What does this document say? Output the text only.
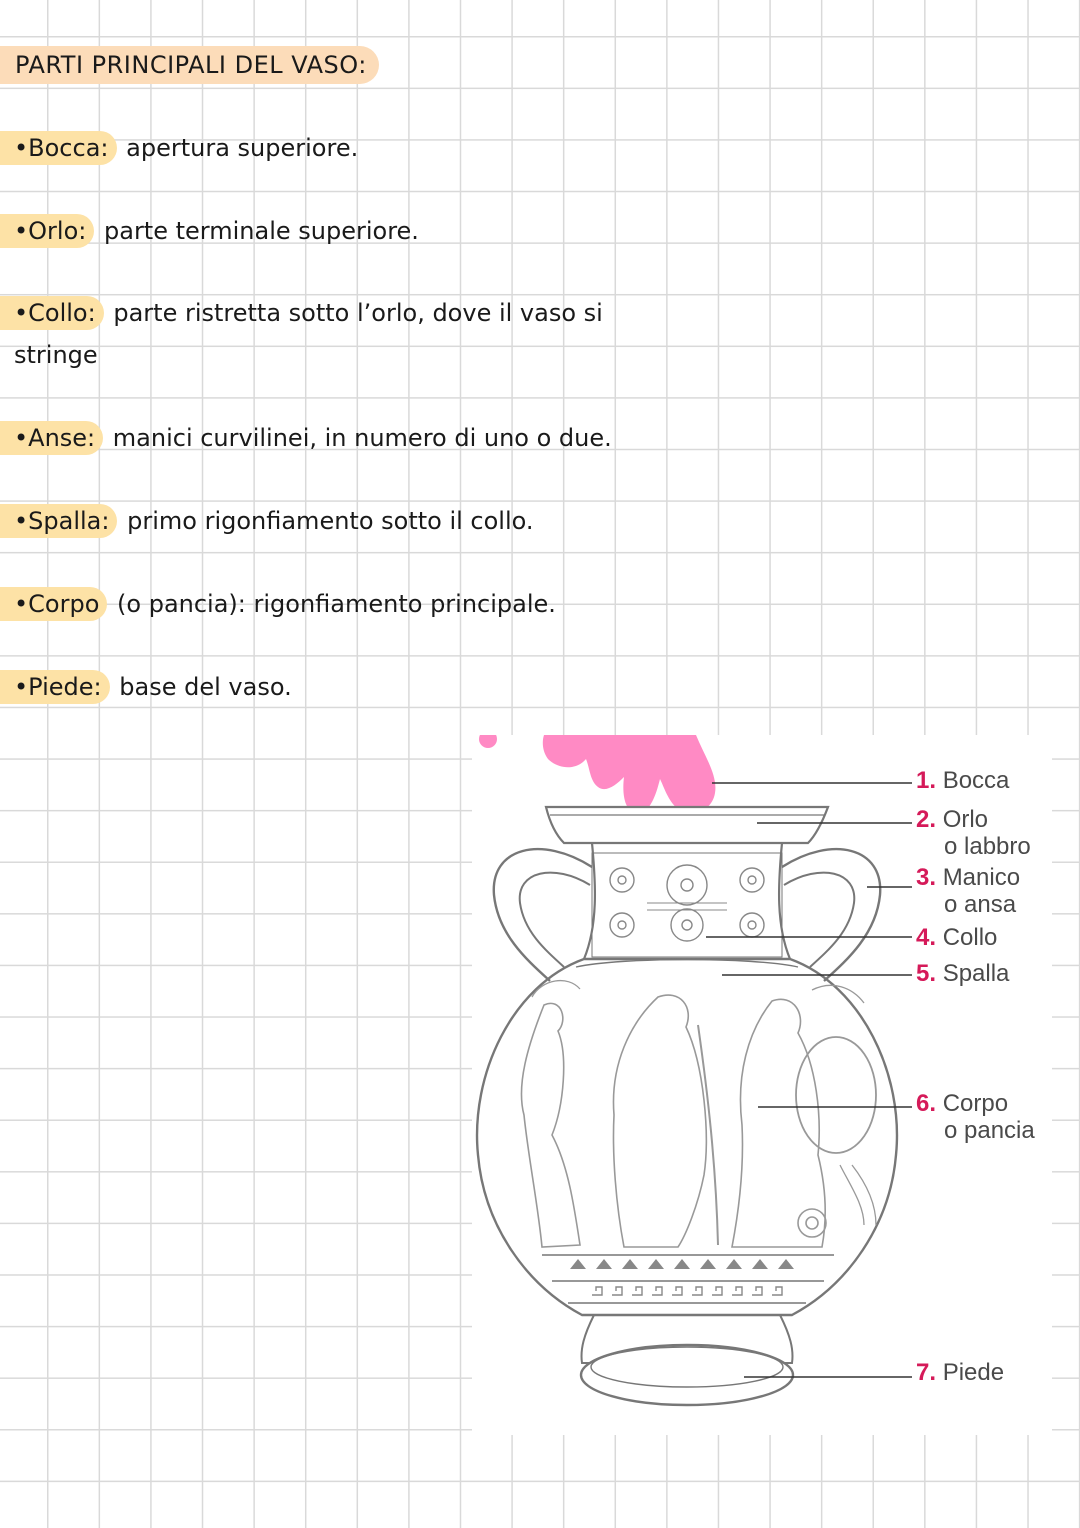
PARTI PRINCIPALI DEL VASO:
•Bocca: apertura superiore.
•Orlo: parte terminale superiore.
•Collo: parte ristretta sotto l’orlo, dove il vaso si
stringe
•Anse: manici curvilinei, in numero di uno o due.
•Spalla: primo rigonfiamento sotto il collo.
•Corpo (o pancia): rigonfiamento principale.
•Piede: base del vaso.
1. Bocca
2. Orlo
o labbro
3. Manico
o ansa
4. Collo
5. Spalla
6. Corpo
o pancia
7. Piede
